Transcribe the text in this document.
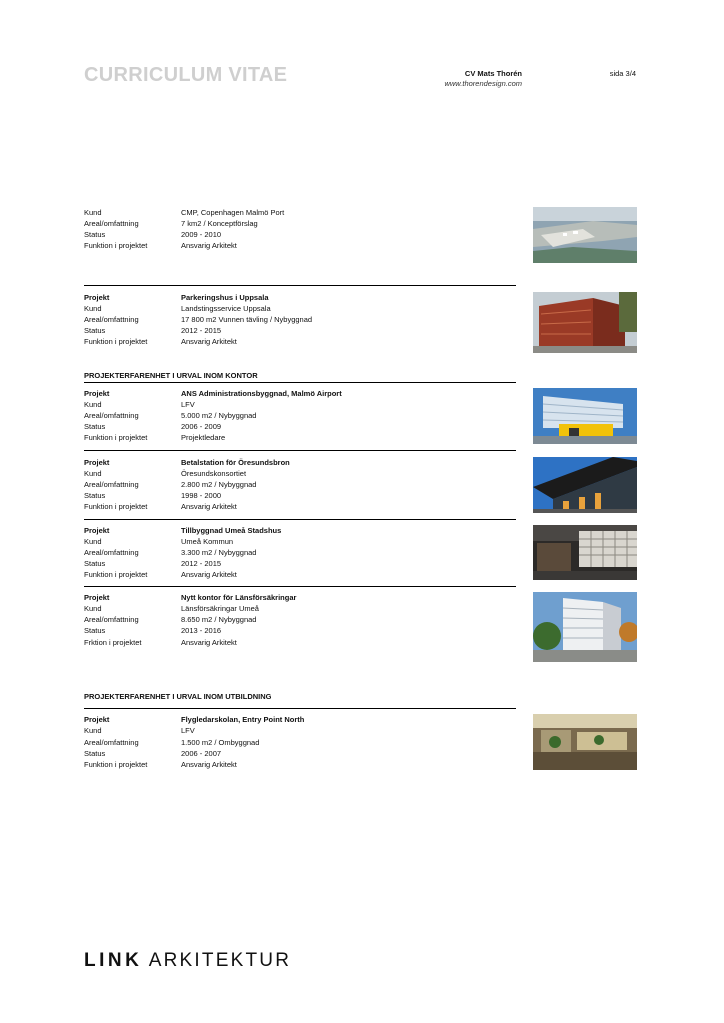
CURRICULUM VITAE	CV Mats Thorén
www.thorendesign.com
sida 3/4
Kund	CMP, Copenhagen Malmö Port
Areal/omfattning	7 km2 / Konceptförslag
Status	2009 - 2010
Funktion i projektet	Ansvarig Arkitekt
Projekt	Parkeringshus i Uppsala
Kund	Landstingsservice Uppsala
Areal/omfattning	17 800 m2 Vunnen tävling / Nybyggnad
Status	2012 - 2015
Funktion i projektet	Ansvarig Arkitekt
PROJEKTERFARENHET I URVAL INOM KONTOR
Projekt	ANS Administrationsbyggnad, Malmö Airport
Kund	LFV
Areal/omfattning	5.000 m2 / Nybyggnad
Status	2006 - 2009
Funktion i projektet	Projektledare
Projekt	Betalstation för Öresundsbron
Kund	Öresundskonsortiet
Areal/omfattning	2.800 m2 / Nybyggnad
Status	1998 - 2000
Funktion i projektet	Ansvarig Arkitekt
Projekt	Tillbyggnad Umeå Stadshus
Kund	Umeå Kommun
Areal/omfattning	3.300 m2 / Nybyggnad
Status	2012 - 2015
Funktion i projektet	Ansvarig Arkitekt
Projekt	Nytt kontor för Länsförsäkringar
Kund	Länsförsäkringar Umeå
Areal/omfattning	8.650 m2 / Nybyggnad
Status	2013 - 2016
Frktion i projektet	Ansvarig Arkitekt
PROJEKTERFARENHET I URVAL INOM UTBILDNING
Projekt	Flygledarskolan, Entry Point North
Kund	LFV
Areal/omfattning	1.500 m2 / Ombyggnad
Status	2006 - 2007
Funktion i projektet	Ansvarig Arkitekt
LINK ARKITEKTUR
